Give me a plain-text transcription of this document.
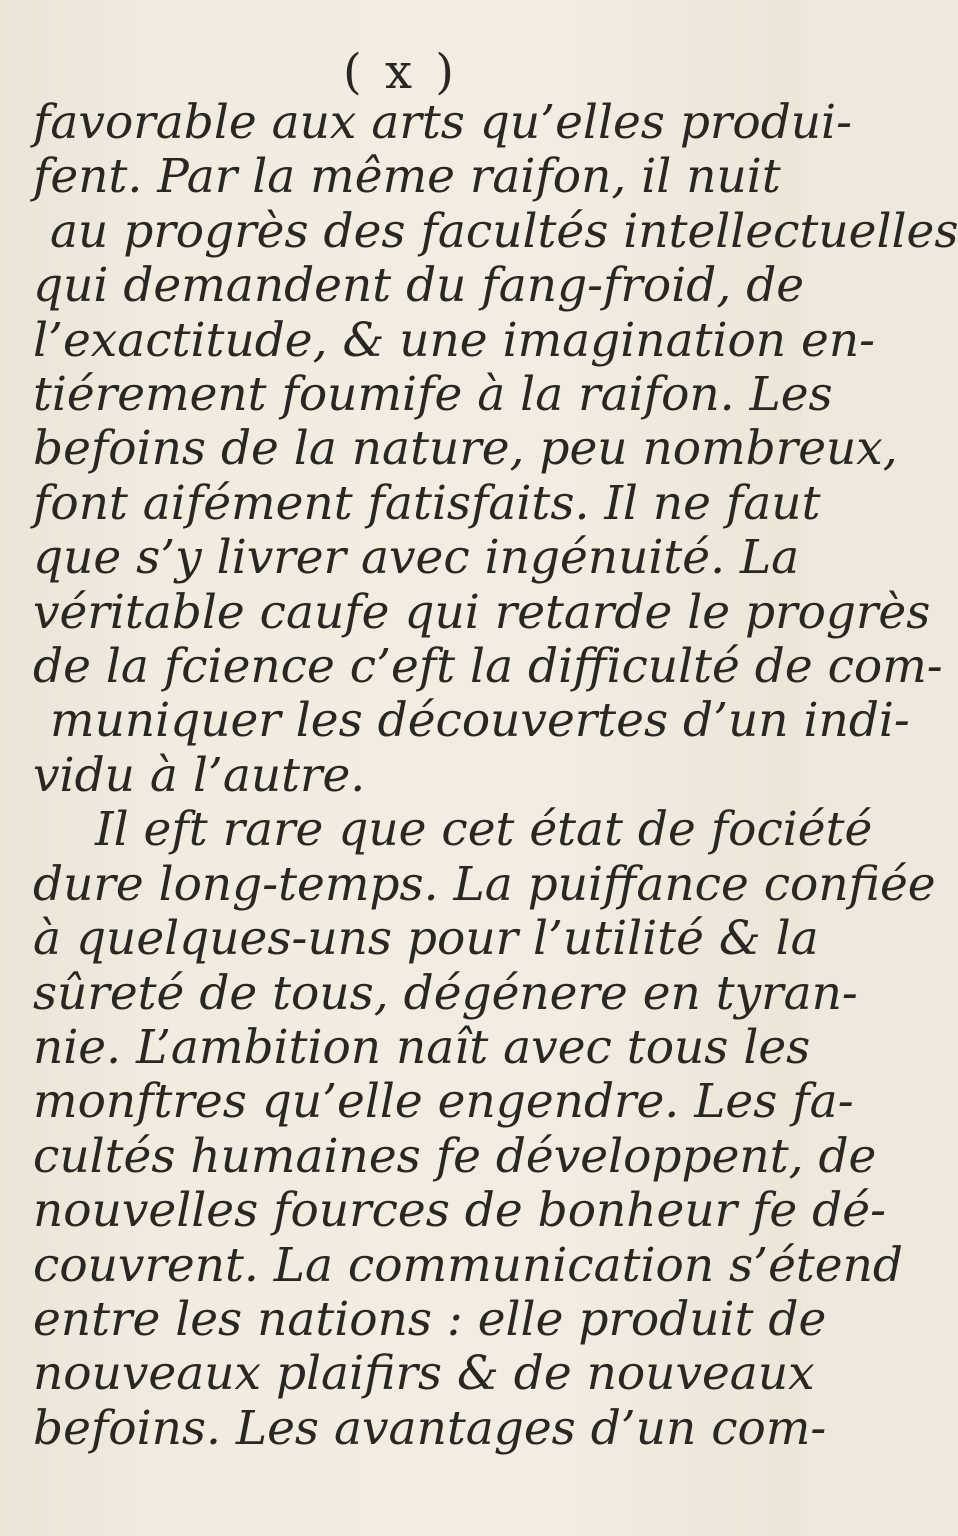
( x )
favorable aux arts qu’elles produi-
fent. Par la même raifon, il nuit
au progrès des facultés intellectuelles
qui demandent du fang-froid, de
l’exactitude, & une imagination en-
tiérement foumife à la raifon. Les
befoins de la nature, peu nombreux,
font aifément fatisfaits. Il ne faut
que s’y livrer avec ingénuité. La
véritable caufe qui retarde le progrès
de la fcience c’eft la difficulté de com-
muniquer les découvertes d’un indi-
vidu à l’autre.
Il eft rare que cet état de fociété
dure long-temps. La puiffance confiée
à quelques-uns pour l’utilité & la
sûreté de tous, dégénere en tyran-
nie. L’ambition naît avec tous les
monftres qu’elle engendre. Les fa-
cultés humaines fe développent, de
nouvelles fources de bonheur fe dé-
couvrent. La communication s’étend
entre les nations : elle produit de
nouveaux plaifirs & de nouveaux
befoins. Les avantages d’un com-
